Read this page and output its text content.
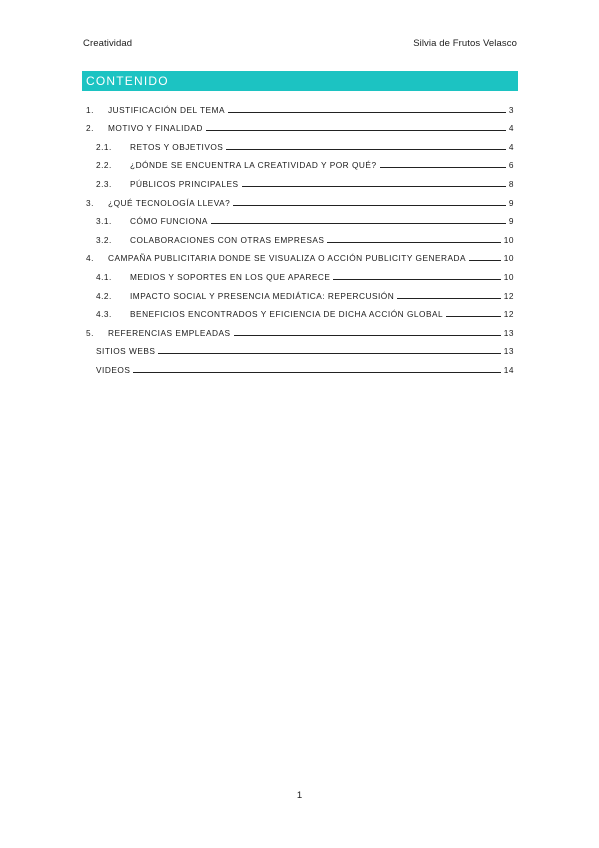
Creatividad	Silvia de Frutos Velasco
CONTENIDO
1.	JUSTIFICACIÓN DEL TEMA	3
2.	MOTIVO Y FINALIDAD	4
2.1.	RETOS Y OBJETIVOS	4
2.2.	¿DÓNDE SE ENCUENTRA LA CREATIVIDAD Y POR QUÉ?	6
2.3.	PÚBLICOS PRINCIPALES	8
3.	¿QUÉ TECNOLOGÍA LLEVA?	9
3.1.	CÓMO FUNCIONA	9
3.2.	COLABORACIONES CON OTRAS EMPRESAS	10
4.	CAMPAÑA PUBLICITARIA DONDE SE VISUALIZA O ACCIÓN PUBLICITY GENERADA	10
4.1.	MEDIOS Y SOPORTES EN LOS QUE APARECE	10
4.2.	IMPACTO SOCIAL Y PRESENCIA MEDIÁTICA: REPERCUSIÓN	12
4.3.	BENEFICIOS ENCONTRADOS Y EFICIENCIA DE DICHA ACCIÓN GLOBAL	12
5.	REFERENCIAS EMPLEADAS	13
SITIOS WEBS	13
VIDEOS	14
1
